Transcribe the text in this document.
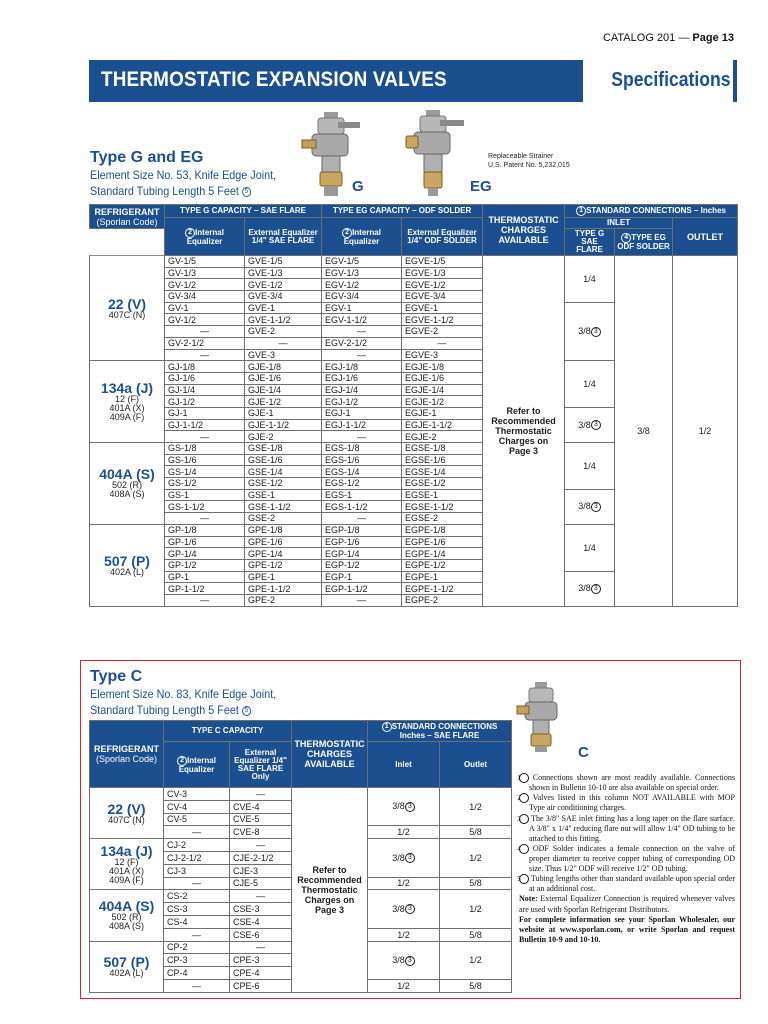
CATALOG 201 — Page 13
THERMOSTATIC EXPANSION VALVES	Specifications
Type G and EG
Element Size No. 53, Knife Edge Joint,
Standard Tubing Length 5 Feet 5	G	EG
Replaceable Strainer
U.S. Patent No. 5,232,015
REFRIGERANT
(Sporlan Code)	TYPE G CAPACITY – SAE FLARE		TYPE EG CAPACITY – ODF SOLDER		THERMOSTATIC CHARGES AVAILABLE	1 STANDARD CONNECTIONS – Inches		
	2 Internal Equalizer	External Equalizer 1/4" SAE FLARE	2 Internal Equalizer	External Equalizer 1/4" ODF SOLDER		INLET		OUTLET
						TYPE G SAE FLARE	4 TYPE EG ODF SOLDER	

22 (V)
407C (N)	GV-1/5	GVE-1/5	EGV-1/5	EGVE-1/5	Refer to Recommended Thermostatic Charges on Page 3	1/4	3/8	1/2
	GV-1/3	GVE-1/3	EGV-1/3	EGVE-1/3				
	GV-1/2	GVE-1/2	EGV-1/2	EGVE-1/2				
	GV-3/4	GVE-3/4	EGV-3/4	EGVE-3/4				
	GV-1	GVE-1	EGV-1	EGVE-1		3/8 3		
	GV-1/2	GVE-1-1/2	EGV-1-1/2	EGVE-1-1/2				
	—	GVE-2	—	EGVE-2				
	GV-2-1/2	—	EGV-2-1/2	—				
	—	GVE-3	—	EGVE-3				

134a (J)
12 (F)
401A (X)
409A (F)	GJ-1/8	GJE-1/8	EGJ-1/8	EGJE-1/8		1/4		
	GJ-1/6	GJE-1/6	EGJ-1/6	EGJE-1/6				
	GJ-1/4	GJE-1/4	EGJ-1/4	EGJE-1/4				
	GJ-1/2	GJE-1/2	EGJ-1/2	EGJE-1/2				
	GJ-1	GJE-1	EGJ-1	EGJE-1		3/8 3		
	GJ-1-1/2	GJE-1-1/2	EGJ-1-1/2	EGJE-1-1/2				
	—	GJE-2	—	EGJE-2				

404A (S)
502 (R)
408A (S)	GS-1/8	GSE-1/8	EGS-1/8	EGSE-1/8		1/4		
	GS-1/6	GSE-1/6	EGS-1/6	EGSE-1/6				
	GS-1/4	GSE-1/4	EGS-1/4	EGSE-1/4				
	GS-1/2	GSE-1/2	EGS-1/2	EGSE-1/2				
	GS-1	GSE-1	EGS-1	EGSE-1		3/8 3		
	GS-1-1/2	GSE-1-1/2	EGS-1-1/2	EGSE-1-1/2				
	—	GSE-2	—	EGSE-2				

507 (P)
402A (L)	GP-1/8	GPE-1/8	EGP-1/8	EGPE-1/8		1/4		
	GP-1/6	GPE-1/6	EGP-1/6	EGPE-1/6				
	GP-1/4	GPE-1/4	EGP-1/4	EGPE-1/4				
	GP-1/2	GPE-1/2	EGP-1/2	EGPE-1/2				
	GP-1	GPE-1	EGP-1	EGPE-1		3/8 3		
	GP-1-1/2	GPE-1-1/2	EGP-1-1/2	EGPE-1-1/2				
	—	GPE-2	—	EGPE-2				
Type C
Element Size No. 83, Knife Edge Joint,
Standard Tubing Length 5 Feet 5
C
REFRIGERANT
(Sporlan Code)	TYPE C CAPACITY		THERMOSTATIC CHARGES AVAILABLE	1 STANDARD CONNECTIONS Inches – SAE FLARE	
	2 Internal Equalizer	External Equalizer 1/4" SAE FLARE Only		Inlet	Outlet

22 (V)
407C (N)	CV-3	—	Refer to Recommended Thermostatic Charges on Page 3	3/8 3	1/2
	CV-4	CVE-4			
	CV-5	CVE-5			
	—	CVE-8		1/2	5/8

134a (J)
12 (F)
401A (X)
409A (F)	CJ-2	—		3/8 3	1/2
	CJ-2-1/2	CJE-2-1/2			
	CJ-3	CJE-3			
	—	CJE-5		1/2	5/8

404A (S)
502 (R)
408A (S)	CS-2	—		3/8 3	1/2
	CS-3	CSE-3			
	CS-4	CSE-4			
	—	CSE-6		1/2	5/8

507 (P)
402A (L)	CP-2	—		3/8 3	1/2
	CP-3	CPE-3			
	CP-4	CPE-4			
	—	CPE-6		1/2	5/8

1 Connections shown are most readily available. Connections shown in Bulletin 10-10 are also available on special order.

2 Valves listed in this column NOT AVAILABLE with MOP Type air conditioning charges.

3 The 3/8" SAE inlet fitting has a long taper on the flare surface. A 3/8" x 1/4" reducing flare nut will allow 1/4" OD tubing to be attached to this fitting.

4 ODF Solder indicates a female connection on the valve of proper diameter to receive copper tubing of corresponding OD size. Thus 1/2" ODF will receive 1/2" OD tubing.

5 Tubing lengths other than standard available upon special order at an additional cost.

Note: External Equalizer Connection is required whenever valves are used with Sporlan Refrigerant Distributors.

For complete information see your Sporlan Wholesaler, our website at www.sporlan.com, or write Sporlan and request Bulletin 10-9 and 10-10.
